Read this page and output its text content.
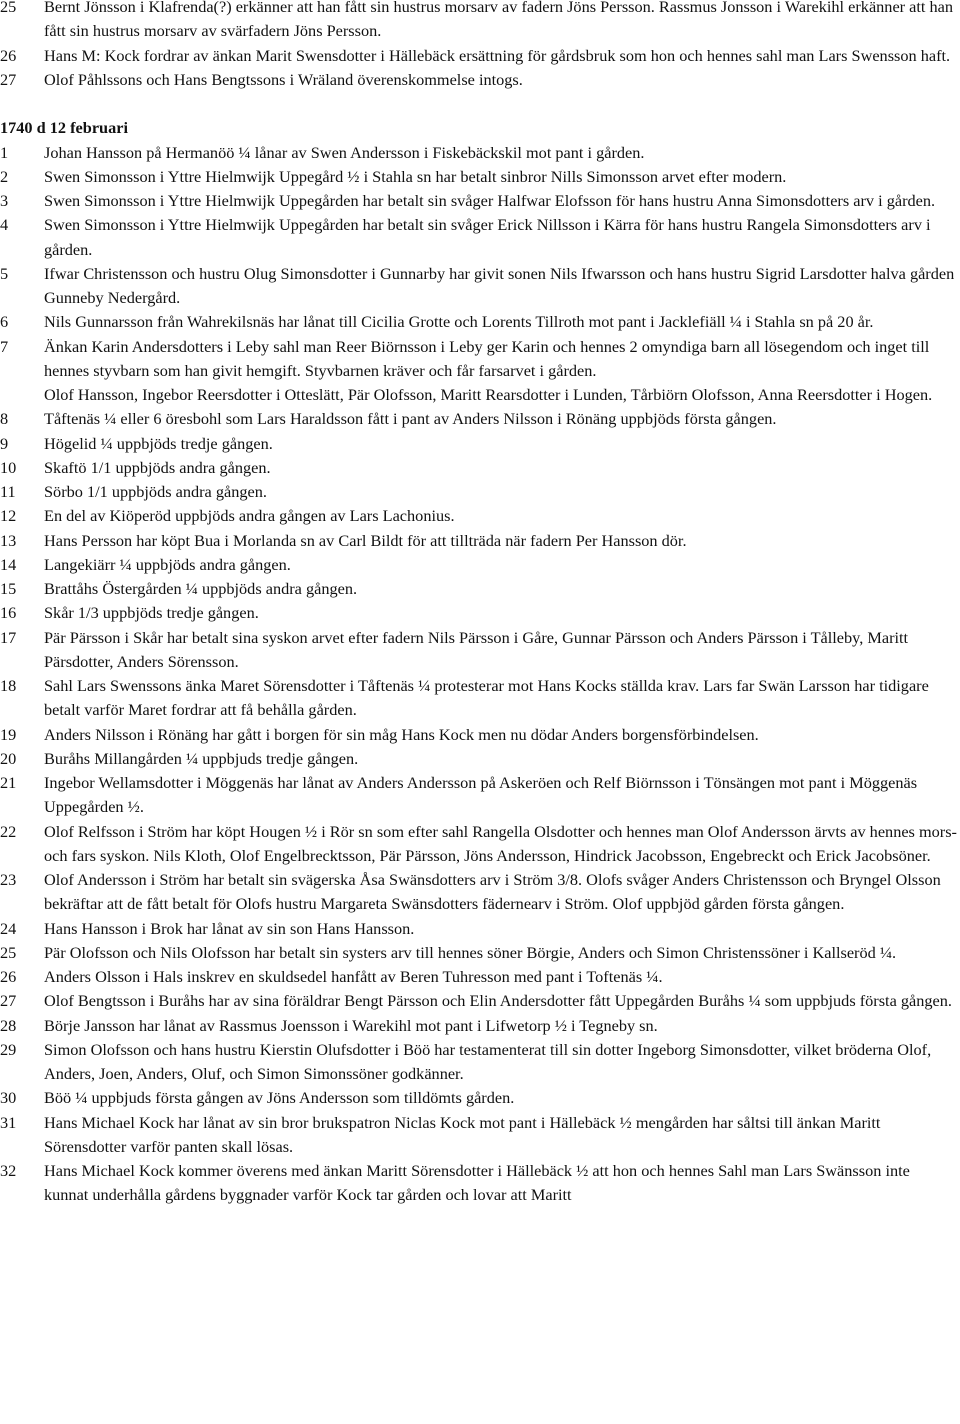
25	Bernt Jönsson i Klafrenda(?) erkänner att han fått sin hustrus morsarv av fadern Jöns Persson. Rassmus Jonsson i Warekihl erkänner att han fått sin hustrus morsarv av svärfadern Jöns Persson.
26	Hans M: Kock fordrar av änkan Marit Swensdotter i Hällebäck ersättning för gårdsbruk som hon och hennes sahl man Lars Swensson haft.
27	Olof Påhlssons och Hans Bengtssons i Wräland överenskommelse intogs.
1740 d 12 februari
1	Johan Hansson på Hermanöö ¼ lånar av Swen Andersson i Fiskebäckskil mot pant i gården.
2	Swen Simonsson i Yttre Hielmwijk Uppegård ½ i Stahla sn har betalt sinbror Nills Simonsson arvet efter modern.
3	Swen Simonsson i Yttre Hielmwijk Uppegården har betalt sin svåger Halfwar Elofsson för hans hustru Anna Simonsdotters arv i gården.
4	Swen Simonsson i Yttre Hielmwijk Uppegården har betalt sin svåger Erick Nillsson i Kärra för hans hustru Rangela Simonsdotters arv i gården.
5	Ifwar Christensson och hustru Olug Simonsdotter i Gunnarby har givit sonen Nils Ifwarsson och hans hustru Sigrid Larsdotter halva gården Gunneby Nedergård.
6	Nils Gunnarsson från Wahrekilsnäs har lånat till Cicilia Grotte och Lorents Tillroth mot pant i Jacklefiäll ¼ i Stahla sn på 20 år.
7	Änkan Karin Andersdotters i Leby sahl man Reer Biörnsson i Leby ger Karin och hennes 2 omyndiga barn all lösegendom och inget till hennes styvbarn som han givit hemgift. Styvbarnen kräver och får farsarvet i gården.
Olof Hansson, Ingebor Reersdotter i Otteslätt, Pär Olofsson, Maritt Rearsdotter i Lunden, Tårbiörn Olofsson, Anna Reersdotter i Hogen.
8	Tåftenäs ¼ eller 6 öresbohl som Lars Haraldsson fått i pant av Anders Nilsson i Rönäng uppbjöds första gången.
9	Högelid ¼ uppbjöds tredje gången.
10	Skaftö 1/1 uppbjöds andra gången.
11	Sörbo 1/1 uppbjöds andra gången.
12	En del av Kiöperöd uppbjöds andra gången av Lars Lachonius.
13	Hans Persson har köpt Bua i Morlanda sn av Carl Bildt för att tillträda när fadern Per Hansson dör.
14	Langekiärr ¼ uppbjöds andra gången.
15	Brattåhs Östergården ¼ uppbjöds andra gången.
16	Skår 1/3 uppbjöds tredje gången.
17	Pär Pärsson i Skår har betalt sina syskon arvet efter fadern Nils Pärsson i Gåre, Gunnar Pärsson och Anders Pärsson i Tålleby, Maritt Pärsdotter, Anders Sörensson.
18	Sahl Lars Swenssons änka Maret Sörensdotter i Tåftenäs ¼ protesterar mot Hans Kocks ställda krav. Lars far Swän Larsson har tidigare betalt varför Maret fordrar att få behålla gården.
19	Anders Nilsson i Rönäng har gått i borgen för sin måg Hans Kock men nu dödar Anders borgensförbindelsen.
20	Buråhs Millangården ¼ uppbjuds tredje gången.
21	Ingebor Wellamsdotter i Möggenäs har lånat av Anders Andersson på Askeröen och Relf Biörnsson i Tönsängen mot pant i Möggenäs Uppegården ½.
22	Olof Relfsson i Ström har köpt Hougen ½ i Rör sn som efter sahl Rangella Olsdotter och hennes man Olof Andersson ärvts av hennes mors- och fars syskon. Nils Kloth, Olof Engelbrecktsson, Pär Pärsson, Jöns Andersson, Hindrick Jacobsson, Engebreckt och Erick Jacobsöner.
23	Olof Andersson i Ström har betalt sin svägerska Åsa Swänsdotters arv i Ström 3/8. Olofs svåger Anders Christensson och Bryngel Olsson bekräftar att de fått betalt för Olofs hustru Margareta Swänsdotters fädernearv i Ström. Olof uppbjöd gården första gången.
24	Hans Hansson i Brok har lånat av sin son Hans Hansson.
25	Pär Olofsson och Nils Olofsson har betalt sin systers arv till hennes söner Börgie, Anders och Simon Christenssöner i Kallseröd ¼.
26	Anders Olsson i Hals inskrev en skuldsedel hanfått av Beren Tuhresson med pant i Toftenäs ¼.
27	Olof Bengtsson i Buråhs har av sina föräldrar Bengt Pärsson och Elin Andersdotter fått Uppegården Buråhs ¼ som uppbjuds första gången.
28	Börje Jansson har lånat av Rassmus Joensson i Warekihl mot pant i Lifwetorp ½ i Tegneby sn.
29	Simon Olofsson och hans hustru Kierstin Olufsdotter i Böö har testamenterat till sin dotter Ingeborg Simonsdotter, vilket bröderna Olof, Anders, Joen, Anders, Oluf, och Simon Simonssöner godkänner.
30	Böö ¼ uppbjuds första gången av Jöns Andersson som tilldömts gården.
31	Hans Michael Kock har lånat av sin bror brukspatron Niclas Kock mot pant i Hällebäck ½ mengården har såltsi till änkan Maritt Sörensdotter varför panten skall lösas.
32	Hans Michael Kock kommer överens med änkan Maritt Sörensdotter i Hällebäck ½ att hon och hennes Sahl man Lars Swänsson inte kunnat underhålla gårdens byggnader varför Kock tar gården och lovar att Maritt
